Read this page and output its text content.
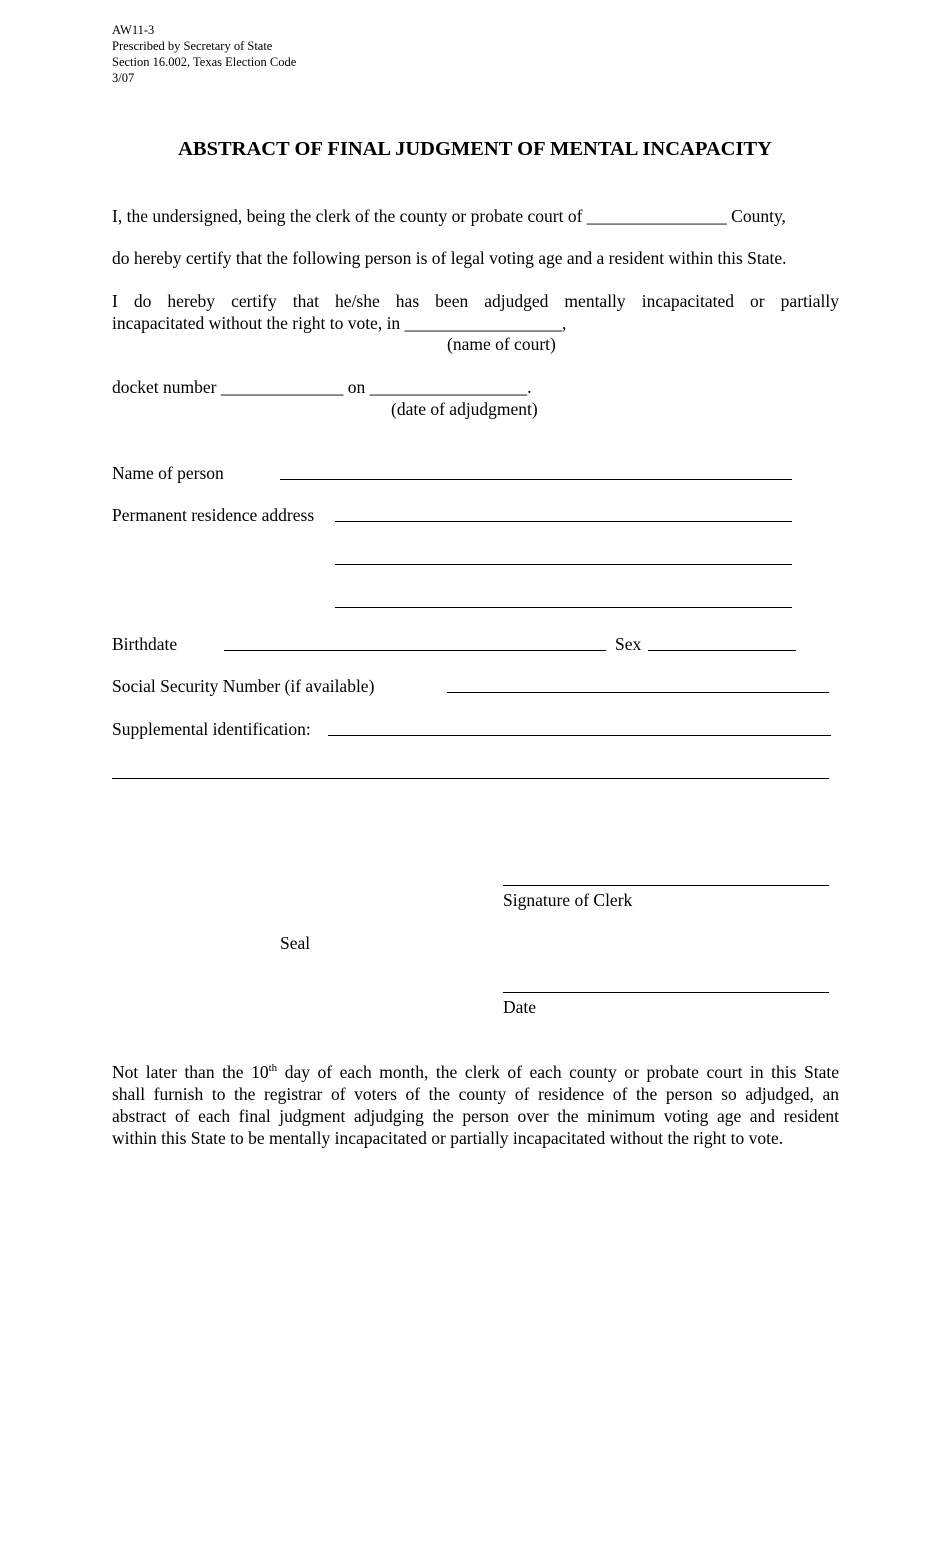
AW11-3
Prescribed by Secretary of State
Section 16.002, Texas Election Code
3/07
ABSTRACT OF FINAL JUDGMENT OF MENTAL INCAPACITY
I, the undersigned, being the clerk of the county or probate court of ________________ County,
do hereby certify that the following person is of legal voting age and a resident within this State.
I do hereby certify that he/she has been adjudged mentally incapacitated or partially
incapacitated without the right to vote, in __________________,
(name of court)
docket number ______________ on __________________.
(date of adjudgment)
Name of person
Permanent residence address
Birthdate	Sex
Social Security Number (if available)
Supplemental identification:
Signature of Clerk
Seal
Date
Not later than the 10th day of each month, the clerk of each county or probate court in this State
shall furnish to the registrar of voters of the county of residence of the person so adjudged, an
abstract of each final judgment adjudging the person over the minimum voting age and resident
within this State to be mentally incapacitated or partially incapacitated without the right to vote.
